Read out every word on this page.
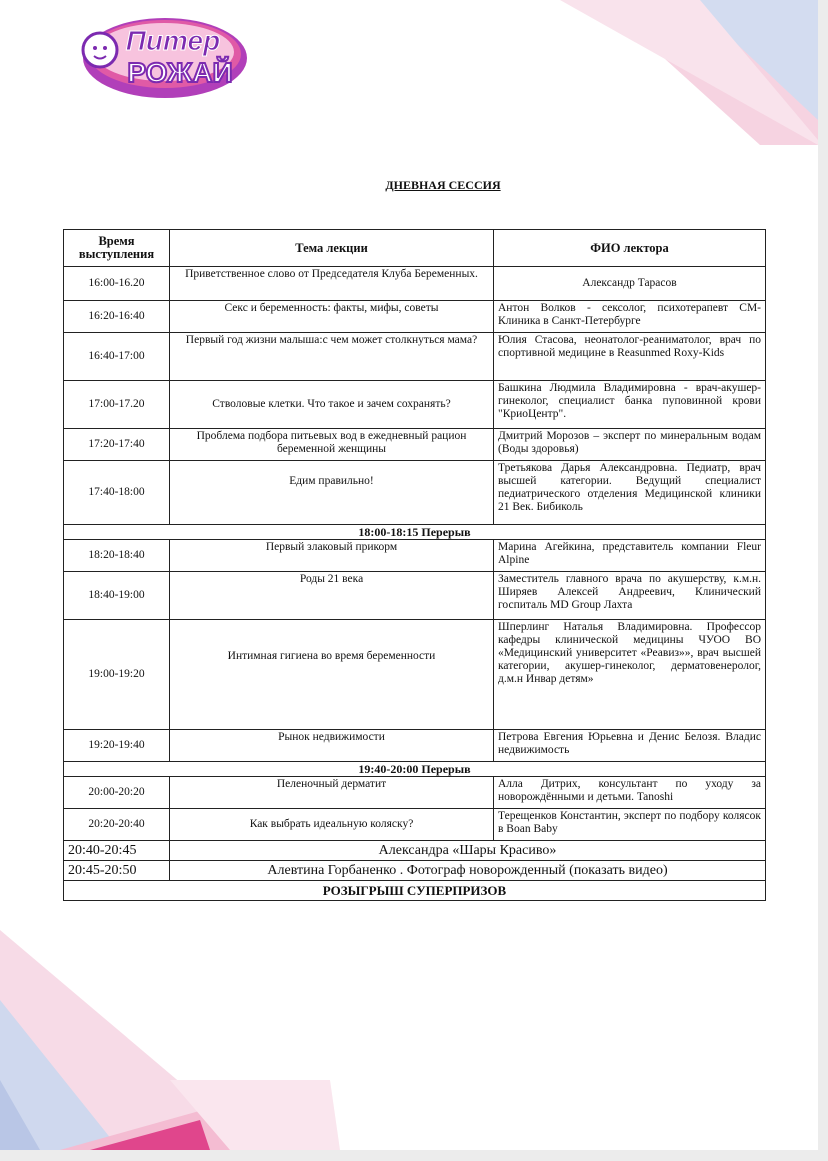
Питер
РОЖАЙ
ДНЕВНАЯ СЕССИЯ
Время выступления	Тема лекции	ФИО лектора
16:00-16.20	Приветственное слово от Председателя Клуба Беременных.	Александр Тарасов
16:20-16:40	Секс и беременность: факты, мифы, советы	Антон Волков - сексолог, психотерапевт СМ-Клиника в Санкт-Петербурге
16:40-17:00	Первый год жизни малыша:с чем может столкнуться мама?	Юлия Стасова, неонатолог-реаниматолог, врач по спортивной медицине в Reasunmed Roxy-Kids
17:00-17.20	Стволовые клетки. Что такое и зачем сохранять?	Башкина Людмила Владимировна - врач-акушер-гинеколог, специалист банка пуповинной крови "КриоЦентр".
17:20-17:40	Проблема подбора питьевых вод в ежедневный рацион беременной женщины	Дмитрий Морозов – эксперт по минеральным водам (Воды здоровья)
17:40-18:00	Едим правильно!	Третьякова Дарья Александровна. Педиатр, врач высшей категории. Ведущий специалист педиатрического отделения Медицинской клиники 21 Век. Бибиколь
18:00-18:15 Перерыв		
18:20-18:40	Первый злаковый прикорм	Марина Агейкина, представитель компании Fleur Alpine
18:40-19:00	Роды 21 века	Заместитель главного врача по акушерству, к.м.н. Ширяев Алексей Андреевич, Клинический госпиталь MD Group Лахта
19:00-19:20	Интимная гигиена во время беременности	Шперлинг Наталья Владимировна. Профессор кафедры клинической медицины ЧУОО ВО «Медицинский университет «Реавиз»», врач высшей категории, акушер-гинеколог, дерматовенеролог, д.м.н Инвар детям»
19:20-19:40	Рынок недвижимости	Петрова Евгения Юрьевна и Денис Белозя. Владис недвижимость
19:40-20:00 Перерыв		
20:00-20:20	Пеленочный дерматит	Алла Дитрих, консультант по уходу за новорождёнными и детьми. Tanoshi
20:20-20:40	Как выбрать идеальную коляску?	Терещенков Константин, эксперт по подбору колясок в Boan Baby
20:40-20:45	Александра «Шары Красиво»	
20:45-20:50	Алевтина Горбаненко . Фотограф новорожденный (показать видео)	
РОЗЫГРЫШ СУПЕРПРИЗОВ		
